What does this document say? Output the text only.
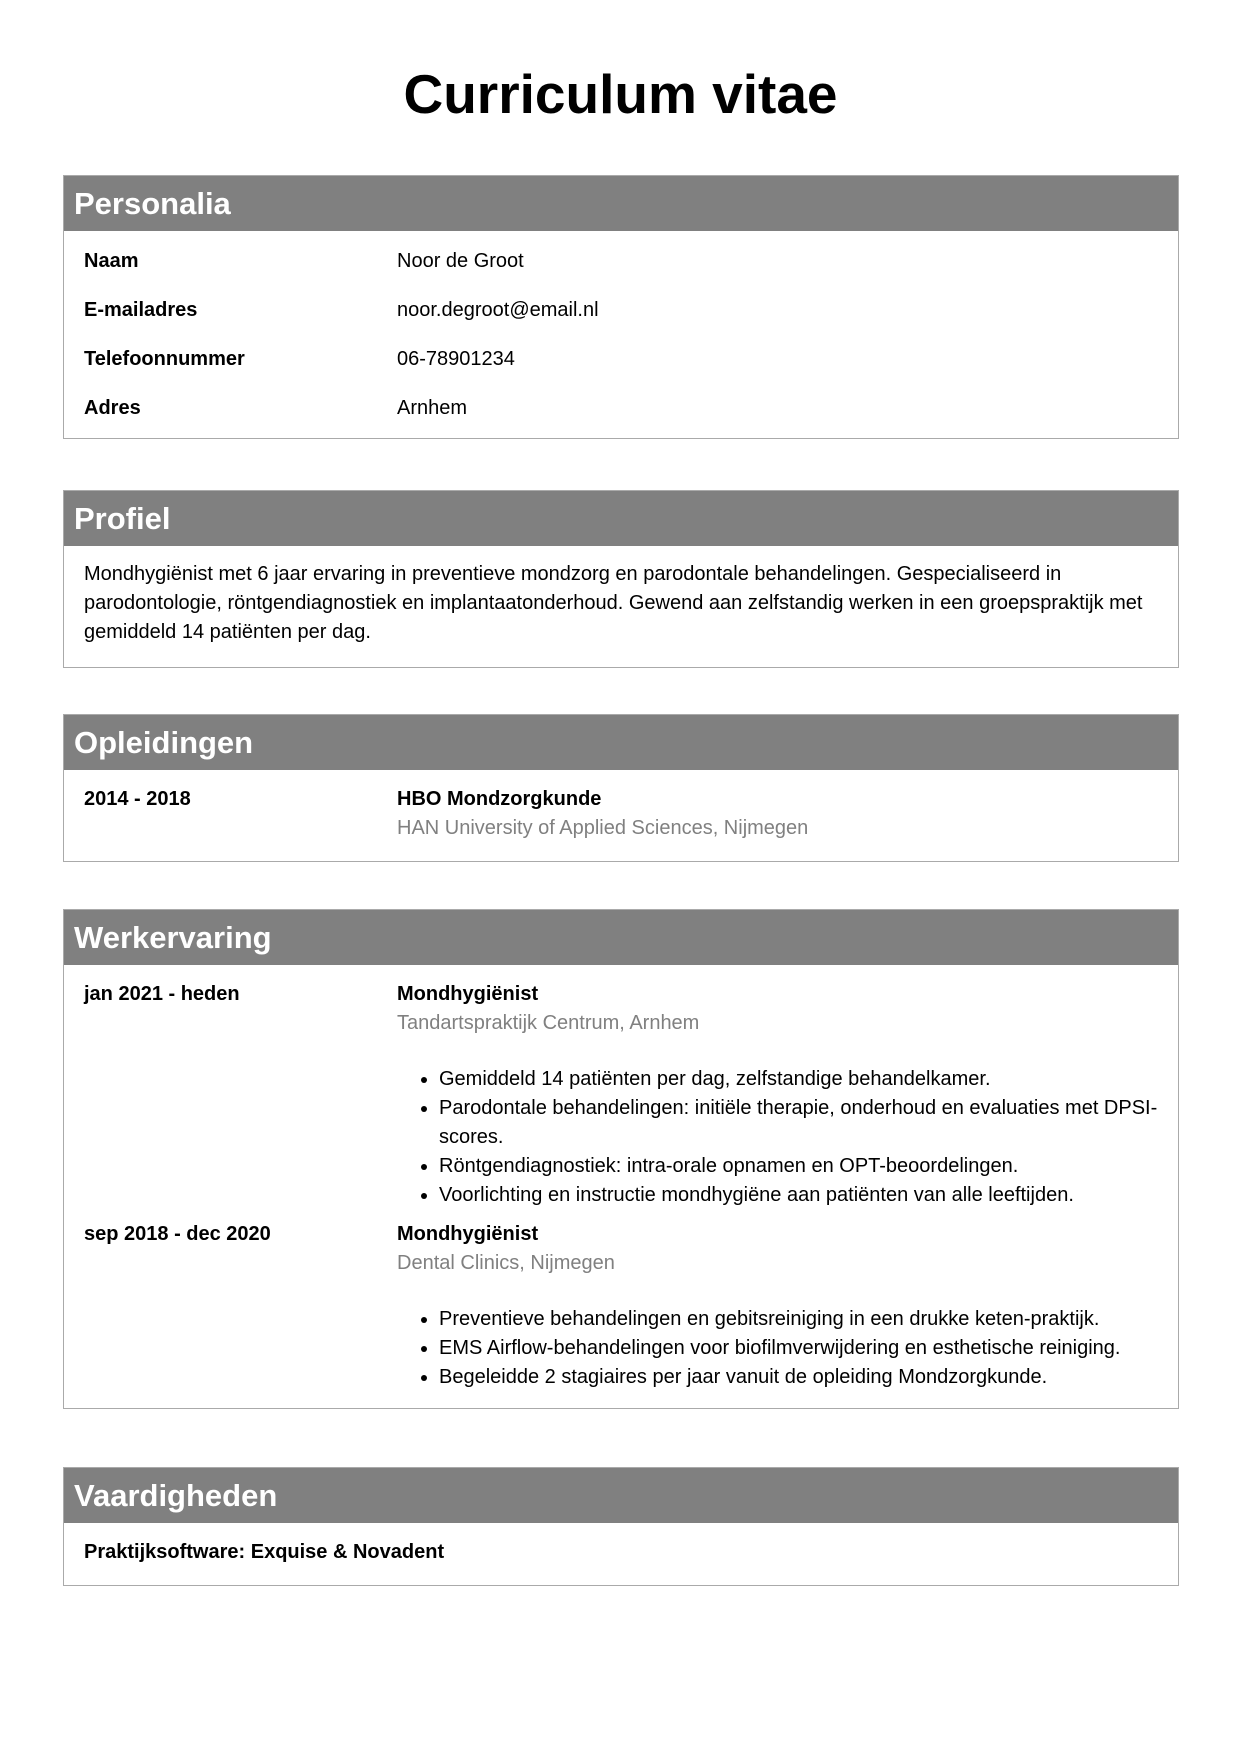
Curriculum vitae
Personalia
Naam	Noor de Groot
E-mailadres	noor.degroot@email.nl
Telefoonnummer	06-78901234
Adres	Arnhem
Profiel

Mondhygiënist met 6 jaar ervaring in preventieve mondzorg en parodontale behandelingen. Gespecialiseerd in parodontologie, röntgendiagnostiek en implantaatonderhoud. Gewend aan zelfstandig werken in een groepspraktijk met gemiddeld 14 patiënten per dag.

Opleidingen
2014 - 2018	HBO Mondzorgkunde
HAN University of Applied Sciences, Nijmegen
Werkervaring
jan 2021 - heden	Mondhygiënist
Tandartspraktijk Centrum, Arnhem
• Gemiddeld 14 patiënten per dag, zelfstandige behandelkamer.
• Parodontale behandelingen: initiële therapie, onderhoud en evaluaties met DPSI-scores.
• Röntgendiagnostiek: intra-orale opnamen en OPT-beoordelingen.
• Voorlichting en instructie mondhygiëne aan patiënten van alle leeftijden.
sep 2018 - dec 2020	Mondhygiënist
Dental Clinics, Nijmegen
• Preventieve behandelingen en gebitsreiniging in een drukke keten-praktijk.
• EMS Airflow-behandelingen voor biofilmverwijdering en esthetische reiniging.
• Begeleidde 2 stagiaires per jaar vanuit de opleiding Mondzorgkunde.
Vaardigheden
Praktijksoftware: Exquise & Novadent
